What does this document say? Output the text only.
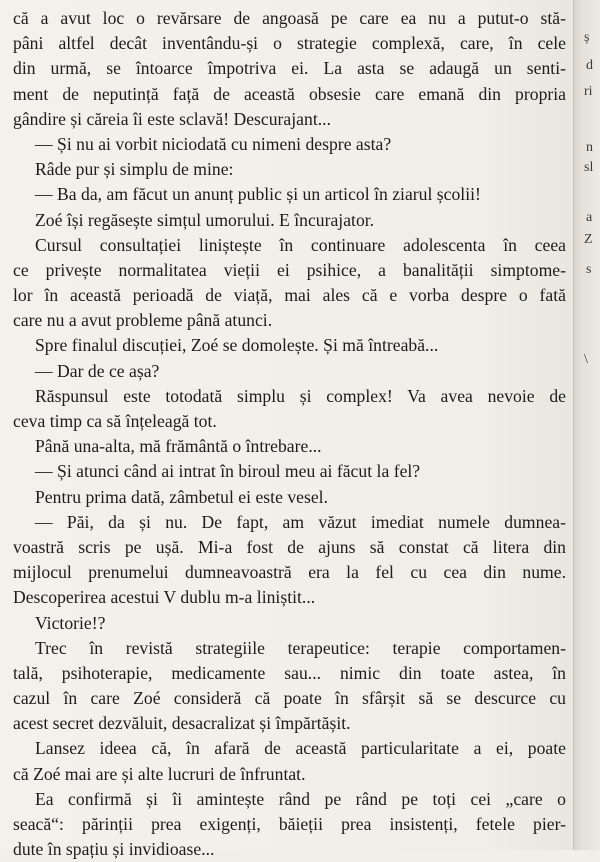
că a avut loc o revărsare de angoasă pe care ea nu a putut-o stă-
pâni altfel decât inventându-și o strategie complexă, care, în cele
din urmă, se întoarce împotriva ei. La asta se adaugă un senti-
ment de neputință față de această obsesie care emană din propria
gândire și căreia îi este sclavă! Descurajant...
— Și nu ai vorbit niciodată cu nimeni despre asta?
Râde pur și simplu de mine:
— Ba da, am făcut un anunț public și un articol în ziarul școlii!
Zoé își regăsește simțul umorului. E încurajator.
Cursul consultației liniștește în continuare adolescenta în ceea
ce privește normalitatea vieții ei psihice, a banalității simptome-
lor în această perioadă de viață, mai ales că e vorba despre o fată
care nu a avut probleme până atunci.
Spre finalul discuției, Zoé se domolește. Și mă întreabă...
— Dar de ce așa?
Răspunsul este totodată simplu și complex! Va avea nevoie de
ceva timp ca să înțeleagă tot.
Până una-alta, mă frământă o întrebare...
— Și atunci când ai intrat în biroul meu ai făcut la fel?
Pentru prima dată, zâmbetul ei este vesel.
— Păi, da și nu. De fapt, am văzut imediat numele dumnea-
voastră scris pe ușă. Mi-a fost de ajuns să constat că litera din
mijlocul prenumelui dumneavoastră era la fel cu cea din nume.
Descoperirea acestui V dublu m-a liniștit...
Victorie!?
Trec în revistă strategiile terapeutice: terapie comportamen-
tală, psihoterapie, medicamente sau... nimic din toate astea, în
cazul în care Zoé consideră că poate în sfârșit să se descurce cu
acest secret dezvăluit, desacralizat și împărtășit.
Lansez ideea că, în afară de această particularitate a ei, poate
că Zoé mai are și alte lucruri de înfruntat.
Ea confirmă și îi amintește rând pe rând pe toți cei „care o
seacă“: părinții prea exigenți, băieții prea insistenți, fetele pier-
dute în spațiu și invidioase...
ș
d
ri
n
sl
a
Z
s
\
